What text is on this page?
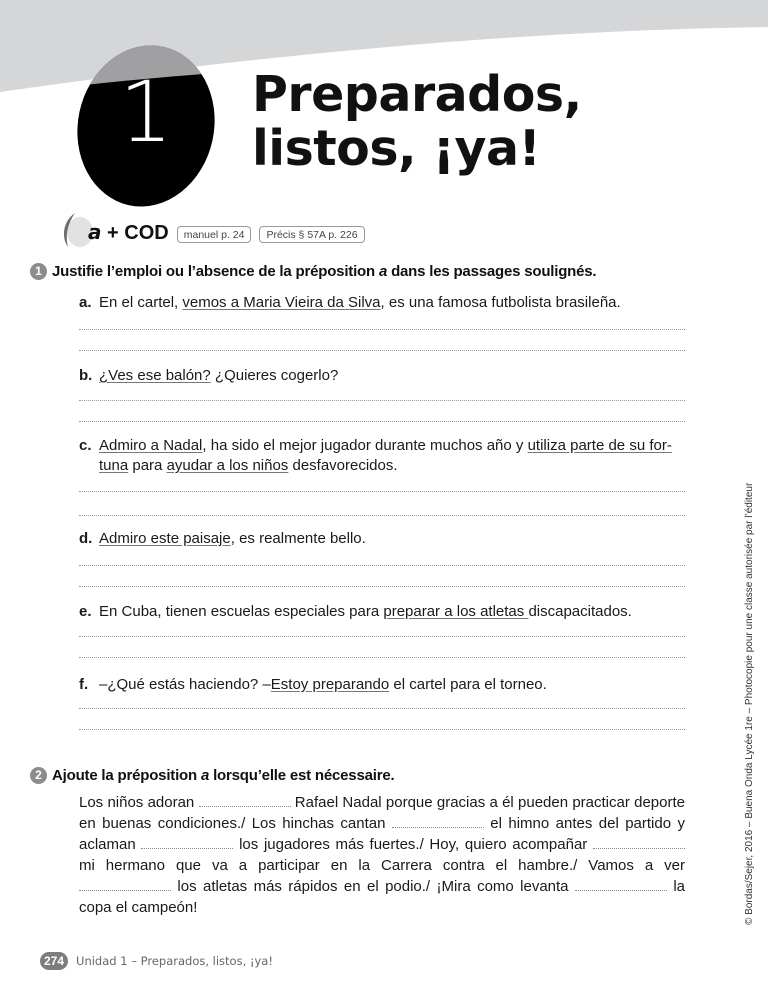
1	Preparados,
listos, ¡ya!
a + COD	manuel p. 24	Précis § 57A p. 226
1 Justifie l’emploi ou l’absence de la préposition a dans les passages soulignés.
a. En el cartel, vemos a Maria Vieira da Silva, es una famosa futbolista brasileña.
b. ¿Ves ese balón? ¿Quieres cogerlo?
c. Admiro a Nadal, ha sido el mejor jugador durante muchos año y utiliza parte de su for-
tuna para ayudar a los niños desfavorecidos.
d. Admiro este paisaje, es realmente bello.
e. En Cuba, tienen escuelas especiales para preparar a los atletas discapacitados.
f. –¿Qué estás haciendo? –Estoy preparando el cartel para el torneo.
2 Ajoute la préposition a lorsqu’elle est nécessaire.
Los niños adoran	Rafael Nadal porque gracias a él pueden practicar deporte en buenas condiciones./ Los hinchas cantan	el himno antes del partido y aclaman	los jugadores más fuertes./ Hoy, quiero acompañar  mi hermano que va a participar en la Carrera contra el hambre./ Vamos a ver  los atletas más rápidos en el podio./ ¡Mira como levanta	la copa el campeón!	© Bordas/Sejer, 2016 – Buena Onda Lycée 1re – Photocopie pour une classe autorisée par l’éditeur
274	Unidad 1 – Preparados, listos, ¡ya!
